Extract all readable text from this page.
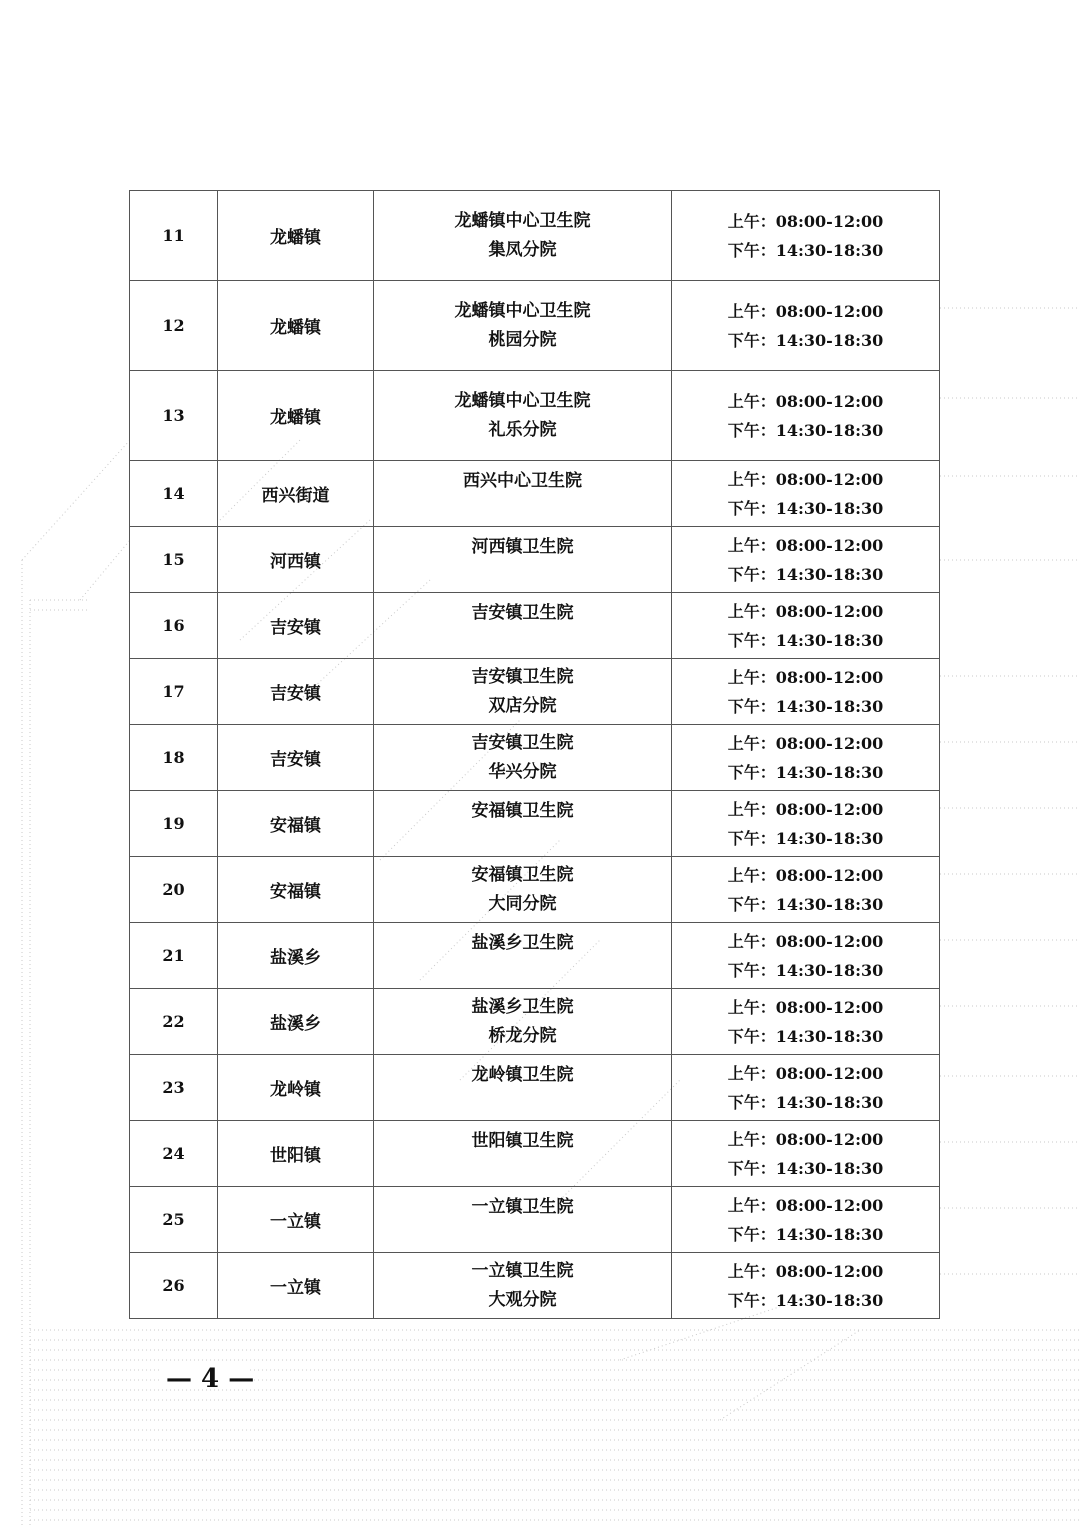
11	龙蟠镇	龙蟠镇中心卫生院
集凤分院	上午：08:00-12:00
下午：14:30-18:30

12	龙蟠镇	龙蟠镇中心卫生院
桃园分院	上午：08:00-12:00
下午：14:30-18:30

13	龙蟠镇	龙蟠镇中心卫生院
礼乐分院	上午：08:00-12:00
下午：14:30-18:30

14	西兴街道	西兴中心卫生院	上午：08:00-12:00
下午：14:30-18:30

15	河西镇	河西镇卫生院	上午：08:00-12:00
下午：14:30-18:30

16	吉安镇	吉安镇卫生院	上午：08:00-12:00
下午：14:30-18:30

17	吉安镇	吉安镇卫生院
双店分院	上午：08:00-12:00
下午：14:30-18:30

18	吉安镇	吉安镇卫生院
华兴分院	上午：08:00-12:00
下午：14:30-18:30

19	安福镇	安福镇卫生院	上午：08:00-12:00
下午：14:30-18:30

20	安福镇	安福镇卫生院
大同分院	上午：08:00-12:00
下午：14:30-18:30

21	盐溪乡	盐溪乡卫生院	上午：08:00-12:00
下午：14:30-18:30

22	盐溪乡	盐溪乡卫生院
桥龙分院	上午：08:00-12:00
下午：14:30-18:30

23	龙岭镇	龙岭镇卫生院	上午：08:00-12:00
下午：14:30-18:30

24	世阳镇	世阳镇卫生院	上午：08:00-12:00
下午：14:30-18:30

25	一立镇	一立镇卫生院	上午：08:00-12:00
下午：14:30-18:30

26	一立镇	一立镇卫生院
大观分院	上午：08:00-12:00
下午：14:30-18:30
— 4 —
